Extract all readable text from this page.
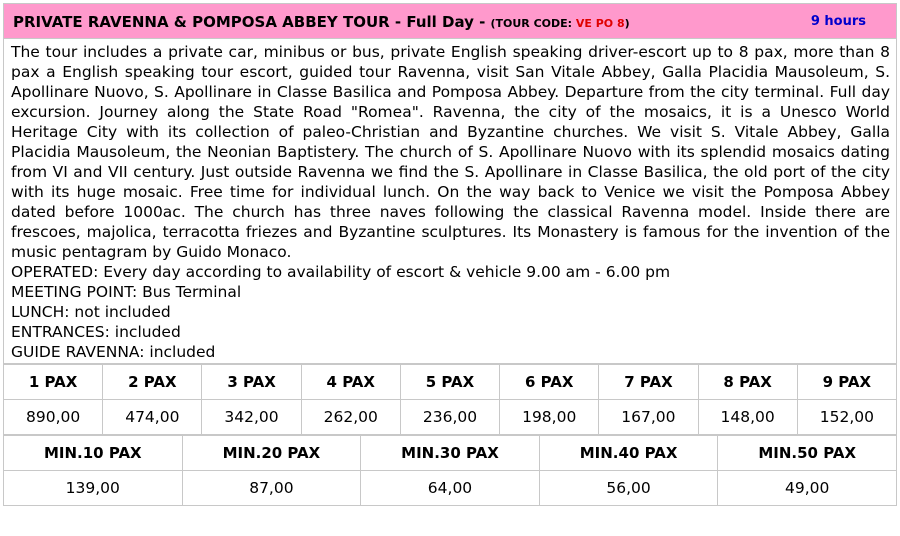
PRIVATE RAVENNA & POMPOSA ABBEY TOUR - Full Day - (TOUR CODE: VE PO 8)	9 hours

The tour includes a private car, minibus or bus, private English speaking driver-escort up to 8 pax, more than 8 pax a English speaking tour escort, guided tour Ravenna, visit San Vitale Abbey, Galla Placidia Mausoleum, S. Apollinare Nuovo, S. Apollinare in Classe Basilica and Pomposa Abbey. Departure from the city terminal. Full day excursion. Journey along the State Road "Romea". Ravenna, the city of the mosaics, it is a Unesco World Heritage City with its collection of paleo-Christian and Byzantine churches. We visit S. Vitale Abbey, Galla Placidia Mausoleum, the Neonian Baptistery. The church of S. Apollinare Nuovo with its splendid mosaics dating from VI and VII century. Just outside Ravenna we find the S. Apollinare in Classe Basilica, the old port of the city with its huge mosaic. Free time for individual lunch. On the way back to Venice we visit the Pomposa Abbey dated before 1000ac. The church has three naves following the classical Ravenna model. Inside there are frescoes, majolica, terracotta friezes and Byzantine sculptures. Its Monastery is famous for the invention of the music pentagram by Guido Monaco.
OPERATED: Every day according to availability of escort & vehicle 9.00 am - 6.00 pm
MEETING POINT: Bus Terminal
LUNCH: not included
ENTRANCES: included
GUIDE RAVENNA: included
1 PAX	2 PAX	3 PAX	4 PAX	5 PAX	6 PAX	7 PAX	8 PAX	9 PAX
890,00	474,00	342,00	262,00	236,00	198,00	167,00	148,00	152,00
MIN.10 PAX	MIN.20 PAX	MIN.30 PAX	MIN.40 PAX	MIN.50 PAX
139,00	87,00	64,00	56,00	49,00
